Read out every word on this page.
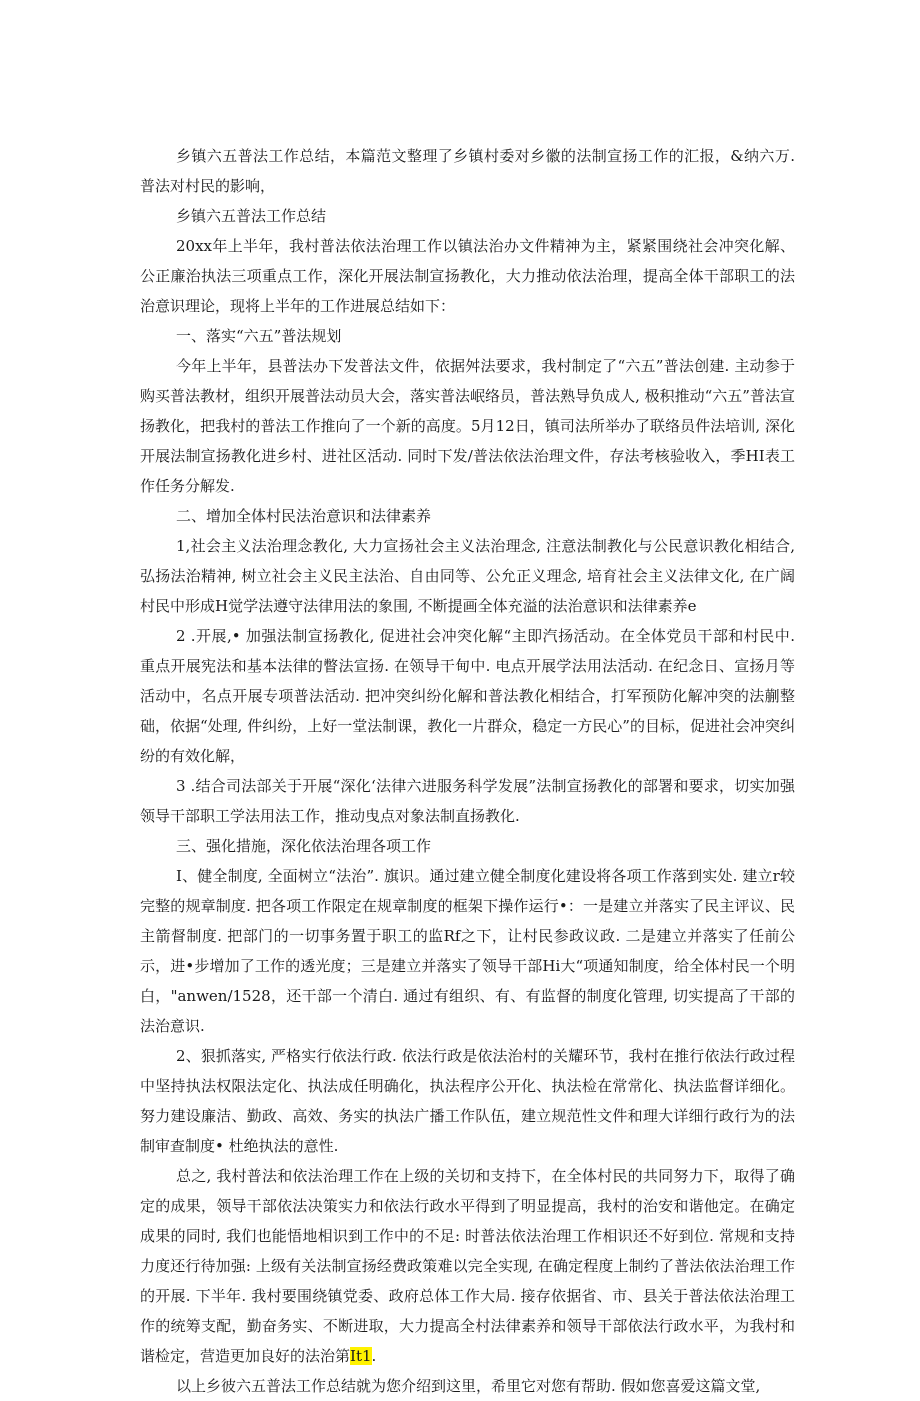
乡镇六五普法工作总结，本篇范文整理了乡镇村委对乡徽的法制宣扬工作的汇报，&纳六万. 普法对村民的影响，

乡镇六五普法工作总结

20xx年上半年，我村普法依法治理工作以镇法治办文件精神为主，紧紧围绕社会冲突化解、公正廉治执法三项重点工作，深化开展法制宣扬教化，大力推动依法治理，提高全体干部职工的法治意识理论，现将上半年的工作进展总结如下：

一、落实“六五”普法规划

今年上半年，县普法办下发普法文件，依据舛法要求，我村制定了“六五”普法创建. 主动参于购买普法教材，组织开展普法动员大会，落实普法岷络员，普法熟导负成人, 极积推动“六五”普法宣扬教化，把我村的普法工作推向了一个新的高度。5月12日，镇司法所举办了联络员件法培训, 深化开展法制宣扬教化进乡村、进社区活动. 同时下发/普法依法治理文件，存法考核验收入，季HI表工作任务分解发.

二、增加全体村民法治意识和法律素养

1,社会主义法治理念教化, 大力宣扬社会主义法治理念, 注意法制教化与公民意识教化相结合, 弘扬法治精神, 树立社会主义民主法治、自由同等、公允正义理念, 培育社会主义法律文化, 在广阔村民中形成H觉学法遵守法律用法的象围, 不断提画全体充溢的法治意识和法律素养e

2 .开展,• 加强法制宣扬教化, 促进社会冲突化解“主即汽扬活动。在全体党员干部和村民中. 重点开展宪法和基本法律的瞥法宣扬. 在领导干甸中. 电点开展学法用法活动. 在纪念日、宣扬月等活动中，名点开展专项普法活动. 把冲突纠纷化解和普法教化相结合，打军预防化解冲突的法蒯整础，依据“处理, 件纠纷，上好一堂法制课，教化一片群众，稳定一方民心”的目标，促进社会冲突纠纷的有效化解，

3 .结合司法部关于开展“深化‘法律六进服务科学发展”法制宣扬教化的部署和要求，切实加强领导干部职工学法用法工作，推动曳点对象法制直扬教化.

三、强化措施，深化依法治理各项工作

I、健全制度, 全面树立“法治”. 旗识。通过建立健全制度化建设将各项工作落到实处. 建立r较完整的规章制度. 把各项工作限定在规章制度的框架下操作运行•：一是建立并落实了民主评议、民主箭督制度. 把部门的一切事务置于职工的监Rf之下，让村民参政议政. 二是建立并落实了任前公示，进•步增加了工作的透光度；三是建立并落实了领导干部Hi大“项通知制度，给全体村民一个明白，"anwen/1528，还干部一个清白. 通过有组织、有、有监督的制度化管理, 切实提高了干部的法治意识.

2、狠抓落实, 严格实行依法行政. 依法行政是依法治村的关耀环节，我村在推行依法行政过程中坚持执法权限法定化、执法成任明确化，执法程序公开化、执法检在常常化、执法监督详细化。努力建设廉洁、勤政、高效、务实的执法广播工作队伍，建立规范性文件和理大详细行政行为的法制审查制度• 杜绝执法的意性.

总之, 我村普法和依法治理工作在上级的关切和支持下，在全体村民的共同努力下，取得了确定的成果，领导干部依法决策实力和依法行政水平得到了明显提高，我村的治安和谐他定。在确定成果的同时, 我们也能悟地相识到工作中的不足: 时普法依法治理工作相识还不好到位. 常规和支持力度还行待加强: 上级有关法制宣扬经费政策难以完全实现, 在确定程度上制约了普法依法治理工作的开展. 下半年. 我村要围绕镇党委、政府总体工作大局. 接存依据省、市、县关于普法依法治理工作的统筹支配，勤奋务实、不断进取，大力提高全村法律素养和领导干部依法行政水平，为我村和谐检定，营造更加良好的法治第It1.

以上乡彼六五普法工作总结就为您介绍到这里，希里它对您有帮助. 假如您喜爱这篇文堂,
